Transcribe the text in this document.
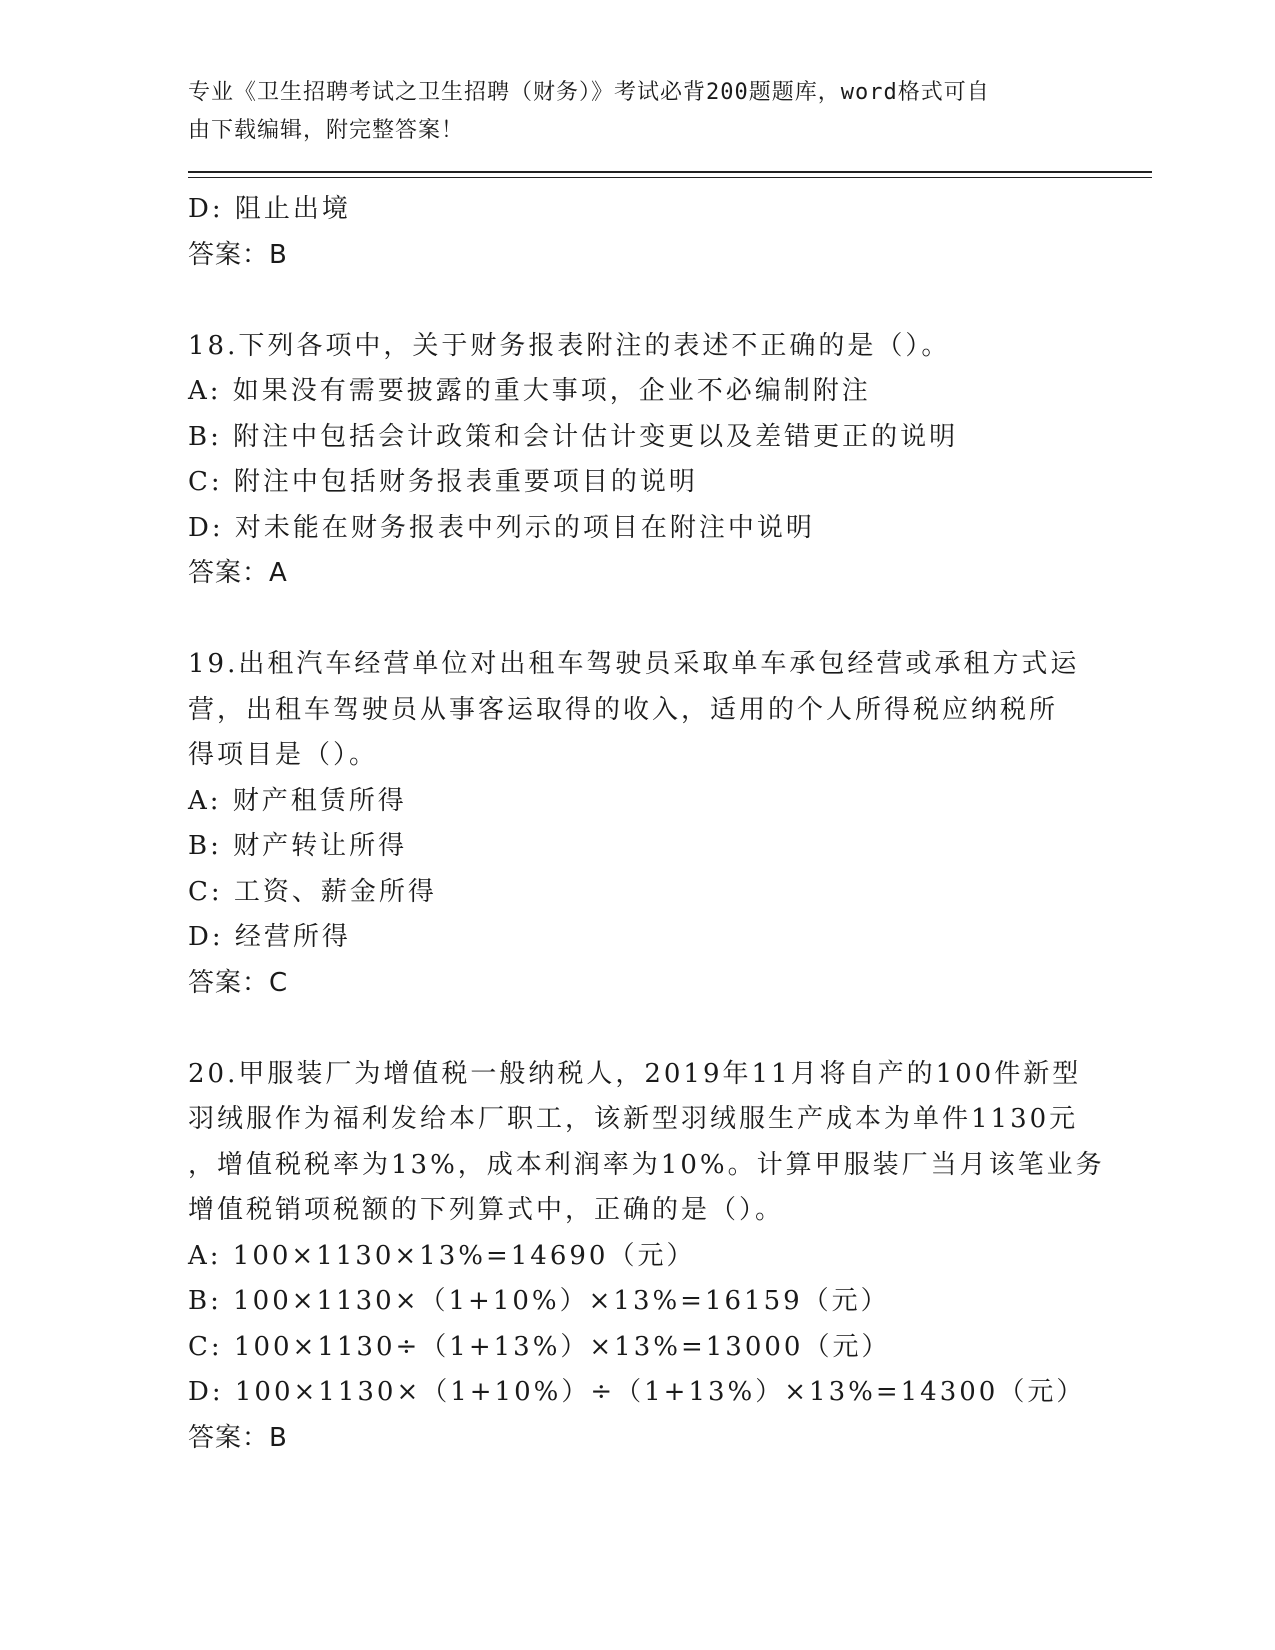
专业《卫生招聘考试之卫生招聘（财务）》考试必背200题题库，word格式可自
由下载编辑，附完整答案！
D: 阻止出境
答案：B
18.下列各项中，关于财务报表附注的表述不正确的是（）。
A: 如果没有需要披露的重大事项，企业不必编制附注
B: 附注中包括会计政策和会计估计变更以及差错更正的说明
C: 附注中包括财务报表重要项目的说明
D: 对未能在财务报表中列示的项目在附注中说明
答案：A
19.出租汽车经营单位对出租车驾驶员采取单车承包经营或承租方式运
营，出租车驾驶员从事客运取得的收入，适用的个人所得税应纳税所
得项目是（）。
A: 财产租赁所得
B: 财产转让所得
C: 工资、薪金所得
D: 经营所得
答案：C
20.甲服装厂为增值税一般纳税人，2019年11月将自产的100件新型
羽绒服作为福利发给本厂职工，该新型羽绒服生产成本为单件1130元
，增值税税率为13%，成本利润率为10%。计算甲服装厂当月该笔业务
增值税销项税额的下列算式中，正确的是（）。
A: 100×1130×13%=14690（元）
B: 100×1130×（1+10%）×13%=16159（元）
C: 100×1130÷（1+13%）×13%=13000（元）
D: 100×1130×（1+10%）÷（1+13%）×13%=14300（元）
答案：B
